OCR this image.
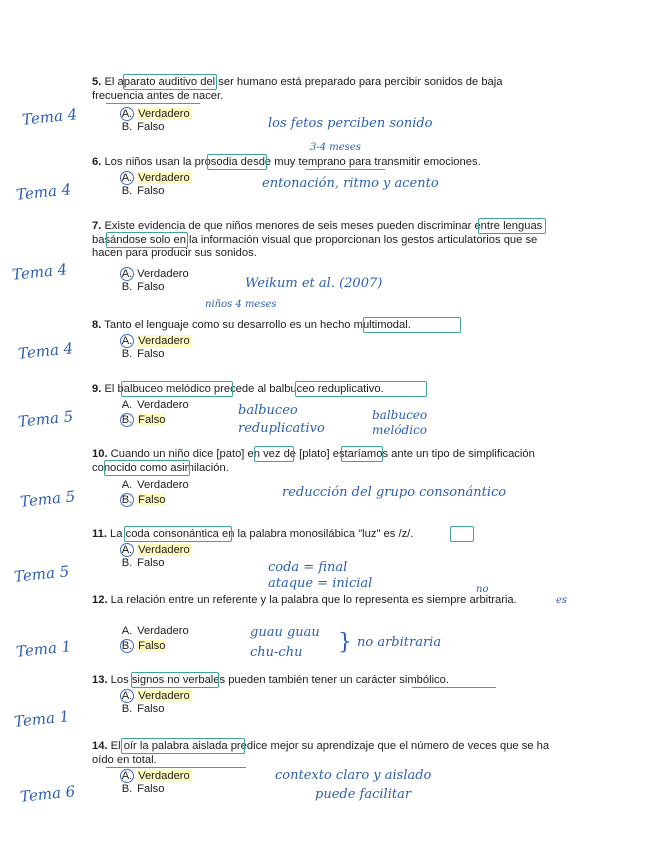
Tema 4
Tema 4
Tema 4
Tema 4
Tema 5
Tema 5
Tema 5
Tema 1
Tema 1
Tema 6
5. El aparato auditivo del ser humano está preparado para percibir sonidos de baja frecuencia antes de nacer.
A. Verdadero
B. Falso	los fetos perciben sonido
6. Los niños usan la prosodia desde muy temprano para transmitir emociones.
3-4 meses
A. Verdadero
B. Falso	entonación, ritmo y acento
7. Existe evidencia de que niños menores de seis meses pueden discriminar entre lenguas basándose solo en la información visual que proporcionan los gestos articulatorios que se hacen para producir sus sonidos.
A. Verdadero
B. Falso	Weikum et al. (2007)
niños 4 meses
8. Tanto el lenguaje como su desarrollo es un hecho multimodal.
A. Verdadero
B. Falso
9. El balbuceo melódico precede al balbuceo reduplicativo.
A. Verdadero
B. Falso
balbuceo reduplicativo
balbuceo melódico
10. Cuando un niño dice [pato] en vez de [plato] estaríamos ante un tipo de simplificación conocido como asimilación.
A. Verdadero
B. Falso	reducción del grupo consonántico
11. La coda consonántica en la palabra monosilábica "luz" es /z/.
A. Verdadero
B. Falso	coda = final
ataque = inicial
12. La relación entre un referente y la palabra que lo representa es siempre arbitraria.
no
es
A. Verdadero
B. Falso
guau guau
chu-chu } no arbitraria
13. Los signos no verbales pueden también tener un carácter simbólico.
A. Verdadero
B. Falso
14. El oír la palabra aislada predice mejor su aprendizaje que el número de veces que se ha oído en total.
A. Verdadero
B. Falso
contexto claro y aislado
puede facilitar
